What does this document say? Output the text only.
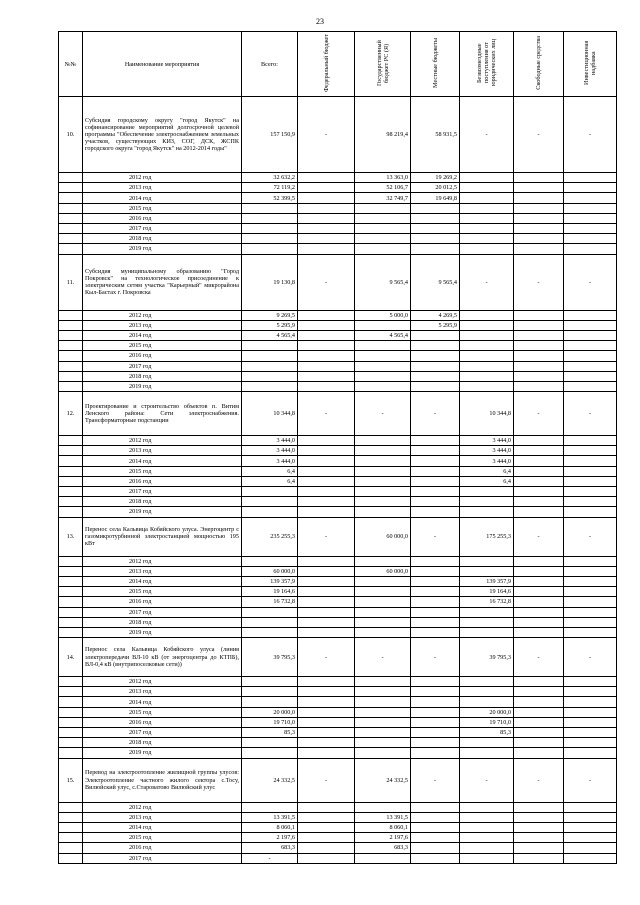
23
№№	Наименование мероприятия	Всего:	Федеральный бюджет	Государственный бюджет РС (Я)	Местные бюджеты	Безвозмездные поступления от юридических лиц	Свободные средства	Инвестиционная надбавка
10.	Субсидия городскому округу "город Якутск" на софинансирование мероприятий долгосрочной целевой программы "Обеспечение электроснабжением земельных участков, существующих КИЗ, СОГ, ДСК, ЖСПК городского округа "город Якутск" на 2012-2014 годы"	157 150,9	-	98 219,4	58 931,5	-	-	-
	2012 год	32 632,2		13 363,0	19 269,2			
	2013 год	72 119,2		52 106,7	20 012,5			
	2014 год	52 399,5		32 749,7	19 649,8			
	2015 год							
	2016 год							
	2017 год							
	2018 год							
	2019 год							
11.	Субсидия муниципальному образованию "Город Покровск" на технологическое присоединение к электрическим сетям участка "Карьерный" микрорайона Кыл-Бастах г. Покровска	19 130,8	-	9 565,4	9 565,4	-	-	-
	2012 год	9 269,5		5 000,0	4 269,5			
	2013 год	5 295,9			5 295,9			
	2014 год	4 565,4		4 565,4				
	2015 год							
	2016 год							
	2017 год							
	2018 год							
	2019 год							
12.	Проектирование и строительство объектов п. Витим Ленского района: Сети электроснабжения. Трансформаторные подстанции	10 344,8	-	-	-	10 344,8	-	-
	2012 год	3 444,0				3 444,0		
	2013 год	3 444,0				3 444,0		
	2014 год	3 444,0				3 444,0		
	2015 год	6,4				6,4		
	2016 год	6,4				6,4		
	2017 год							
	2018 год							
	2019 год							
13.	Перенос села Кальвица Кобяйского улуса. Энергоцентр с газомикротурбинной электростанцией мощностью 195 кВт	235 255,3	-	60 000,0	-	175 255,3	-	-
	2012 год							
	2013 год	60 000,0		60 000,0				
	2014 год	139 357,9				139 357,9		
	2015 год	19 164,6				19 164,6		
	2016 год	16 732,8				16 732,8		
	2017 год							
	2018 год							
	2019 год							
14.	Перенос села Кальвица Кобяйского улуса (линия электропередачи ВЛ-10 кВ (от энергоцентра до КТПБ), ВЛ-0,4 кВ (внутрипоселковые сети))	39 795,3	-	-	-	39 795,3	-	-
	2012 год							
	2013 год							
	2014 год							
	2015 год	20 000,0				20 000,0		
	2016 год	19 710,0				19 710,0		
	2017 год	85,3				85,3		
	2018 год							
	2019 год							
15.	Перевод на электроотопление жилищной группы улусов: Электроотопление частного жилого сектора с.Тосу, Вилюйский улус, с.Староватово Вилюйский улус	24 332,5	-	24 332,5	-	-	-	-
	2012 год							
	2013 год	13 391,5		13 391,5				
	2014 год	8 060,1		8 060,1				
	2015 год	2 197,6		2 197,6				
	2016 год	683,3		683,3				
	2017 год	-						
